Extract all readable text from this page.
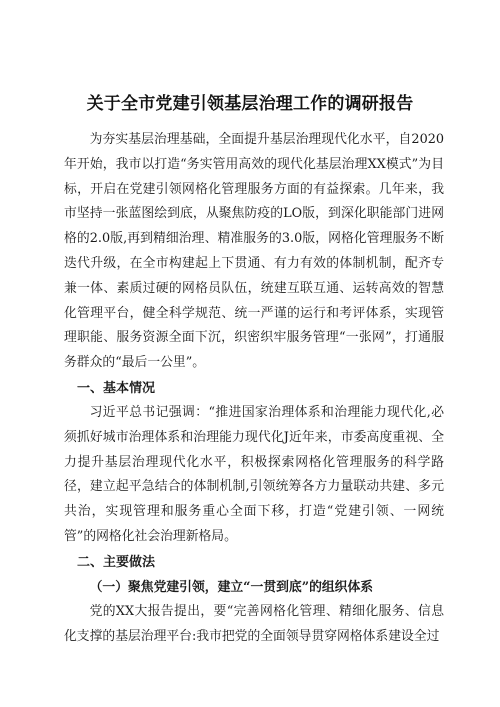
关于全市党建引领基层治理工作的调研报告

为夯实基层治理基础，全面提升基层治理现代化水平，自2020年开始，我市以打造“务实管用高效的现代化基层治理XX模式”为目标，开启在党建引领网格化管理服务方面的有益探索。几年来，我市坚持一张蓝图绘到底，从聚焦防疫的LO版，到深化职能部门进网格的2.0版,再到精细治理、精准服务的3.0版，网格化管理服务不断迭代升级，在全市构建起上下贯通、有力有效的体制机制，配齐专兼一体、素质过硬的网格员队伍，统建互联互通、运转高效的智慧化管理平台，健全科学规范、统一严谨的运行和考评体系，实现管理职能、服务资源全面下沉，织密织牢服务管理“一张网”，打通服务群众的“最后一公里”。

一、基本情况

习近平总书记强调：“推进国家治理体系和治理能力现代化,必须抓好城市治理体系和治理能力现代化J近年来，市委高度重视、全力提升基层治理现代化水平，积极探索网格化管理服务的科学路径，建立起平急结合的体制机制,引领统筹各方力量联动共建、多元共治，实现管理和服务重心全面下移，打造“党建引领、一网统管”的网格化社会治理新格局。

二、主要做法
（一）聚焦党建引领，建立“一贯到底”的组织体系

党的XX大报告提出，要“完善网格化管理、精细化服务、信息化支撑的基层治理平台:我市把党的全面领导贯穿网格体系建设全过
